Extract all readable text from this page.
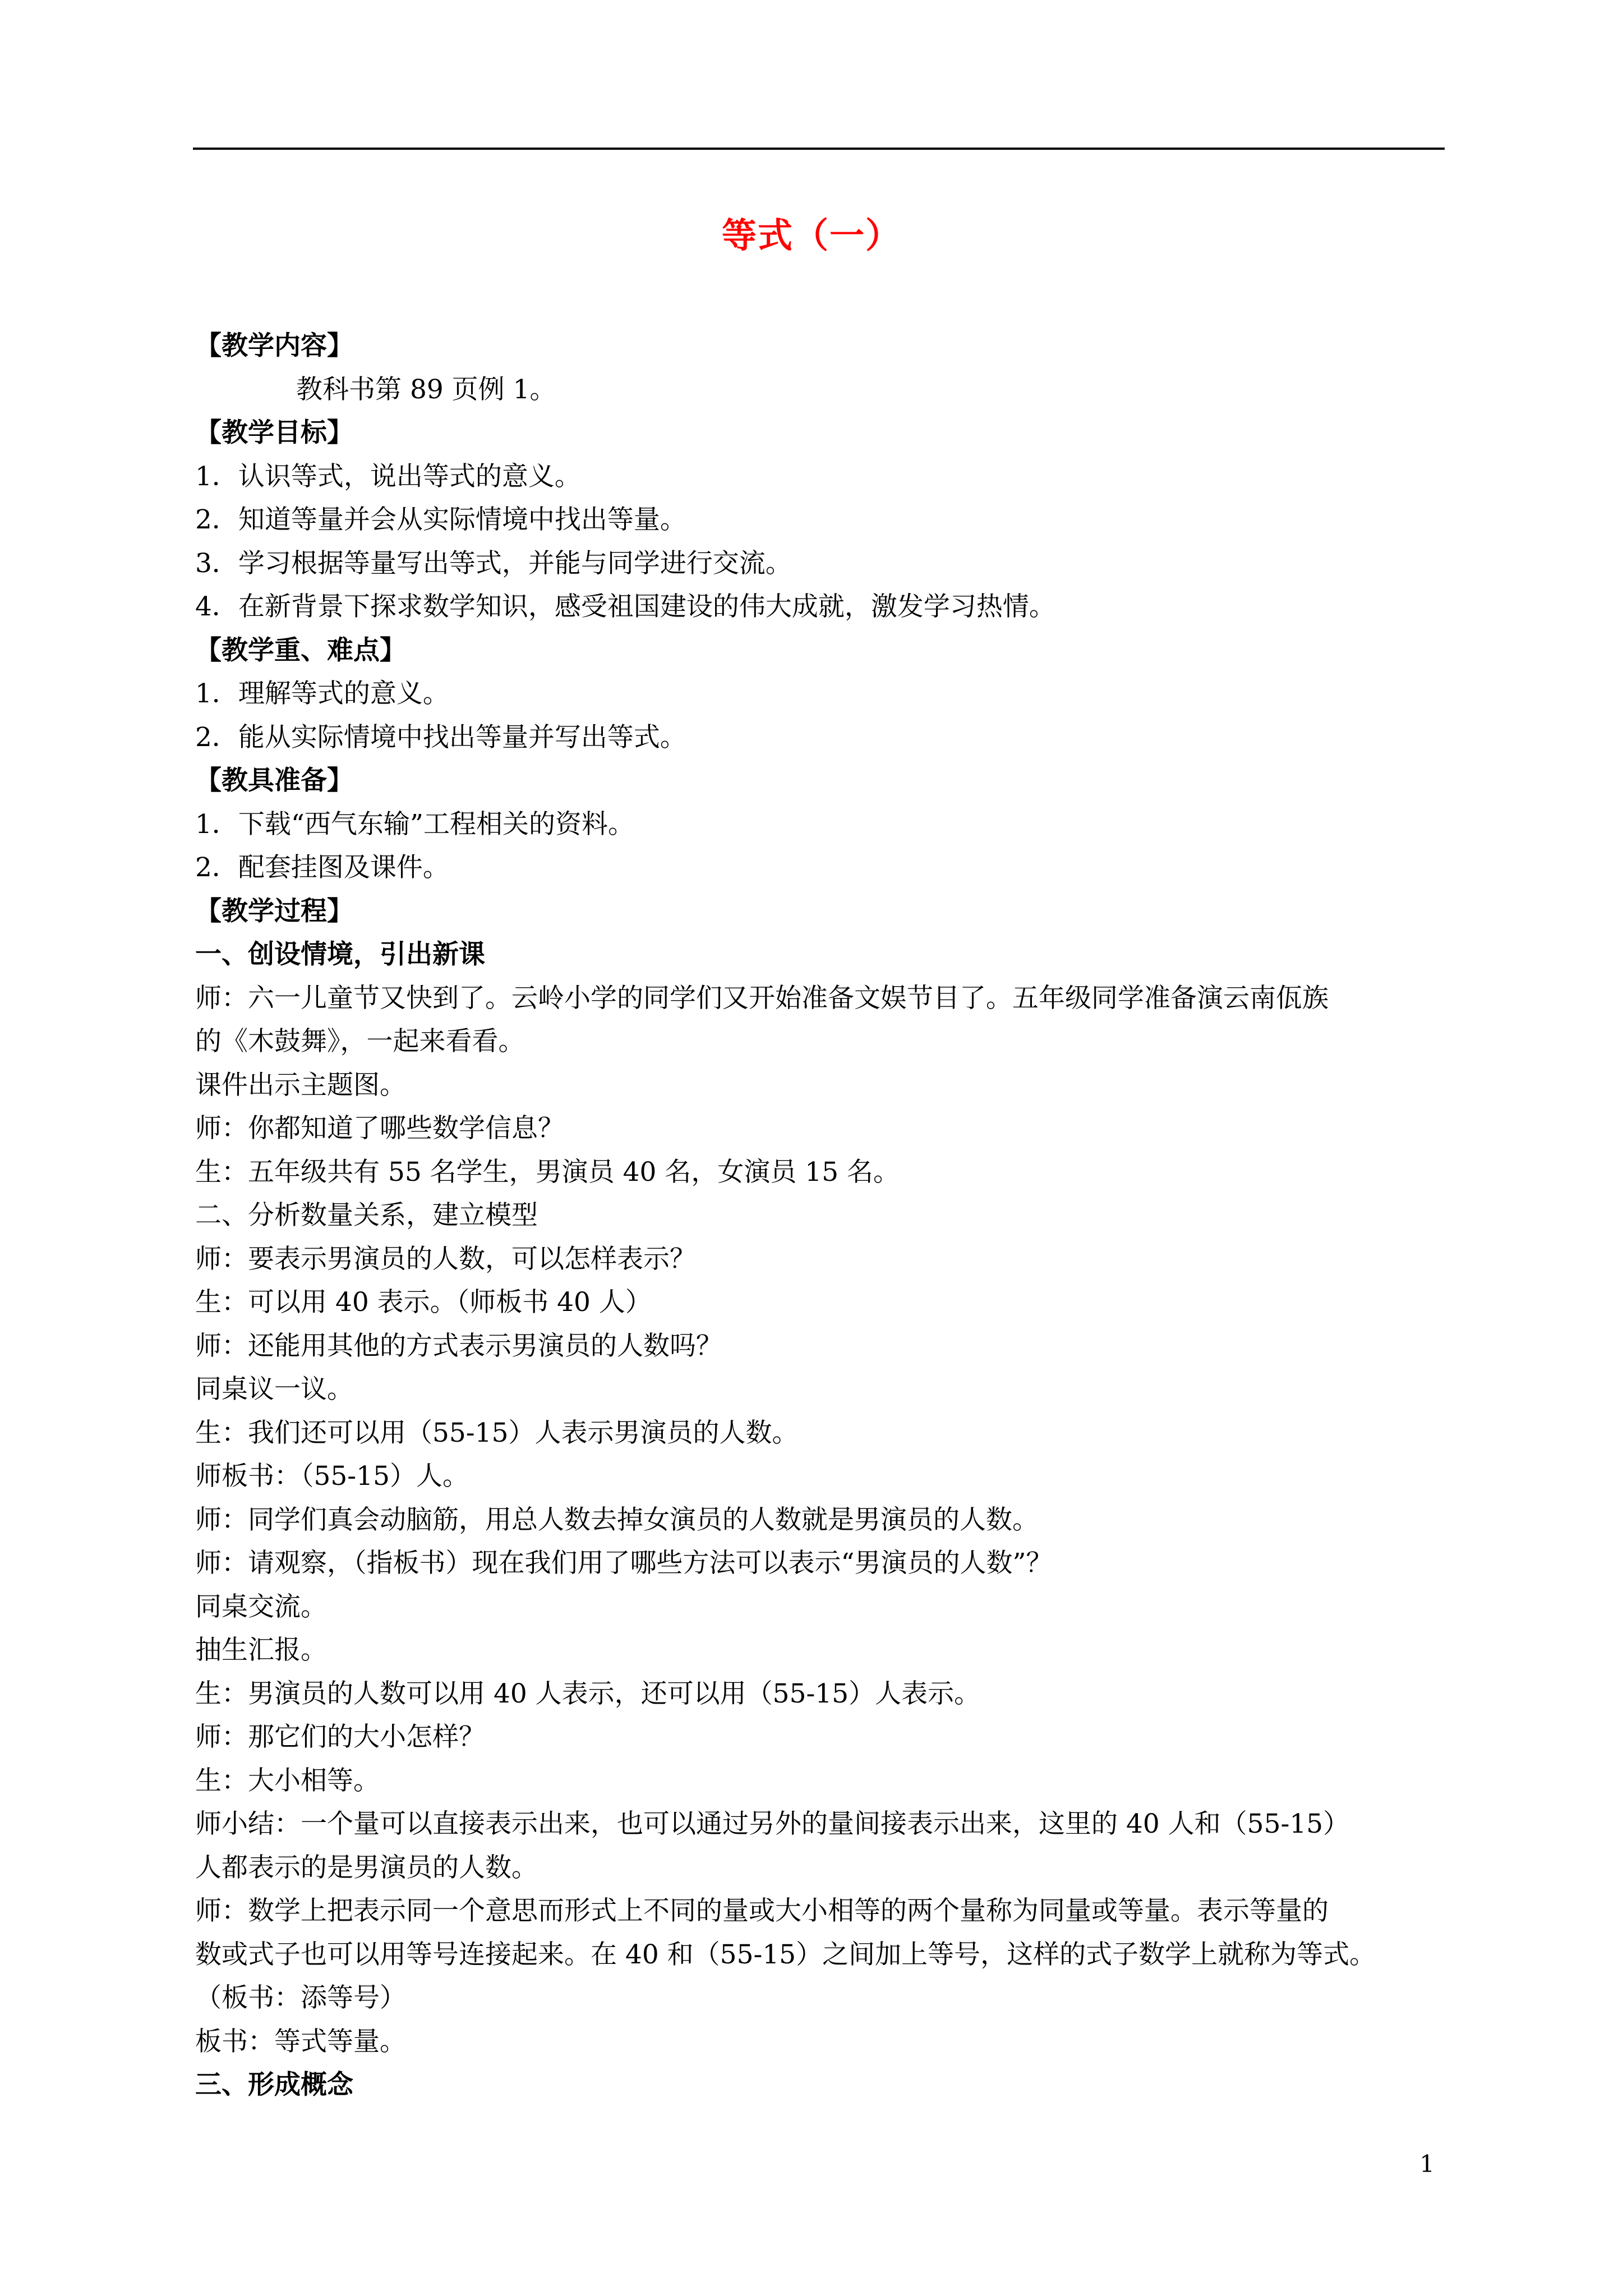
等式（一）
【教学内容】
教科书第 89 页例 1。
【教学目标】
1．认识等式，说出等式的意义。
2．知道等量并会从实际情境中找出等量。
3．学习根据等量写出等式，并能与同学进行交流。
4．在新背景下探求数学知识，感受祖国建设的伟大成就，激发学习热情。
【教学重、难点】
1．理解等式的意义。
2．能从实际情境中找出等量并写出等式。
【教具准备】
1．下载“西气东输”工程相关的资料。
2．配套挂图及课件。
【教学过程】
一、创设情境，引出新课
师：六一儿童节又快到了。云岭小学的同学们又开始准备文娱节目了。五年级同学准备演云南佤族
的《木鼓舞》，一起来看看。
课件出示主题图。
师：你都知道了哪些数学信息？
生：五年级共有 55 名学生，男演员 40 名，女演员 15 名。
二、分析数量关系，建立模型
师：要表示男演员的人数，可以怎样表示？
生：可以用 40 表示。（师板书 40 人）
师：还能用其他的方式表示男演员的人数吗？
同桌议一议。
生：我们还可以用（55-15）人表示男演员的人数。
师板书：（55-15）人。
师：同学们真会动脑筋，用总人数去掉女演员的人数就是男演员的人数。
师：请观察，（指板书）现在我们用了哪些方法可以表示“男演员的人数”？
同桌交流。
抽生汇报。
生：男演员的人数可以用 40 人表示，还可以用（55-15）人表示。
师：那它们的大小怎样？
生：大小相等。
师小结：一个量可以直接表示出来，也可以通过另外的量间接表示出来，这里的 40 人和（55-15）
人都表示的是男演员的人数。
师：数学上把表示同一个意思而形式上不同的量或大小相等的两个量称为同量或等量。表示等量的
数或式子也可以用等号连接起来。在 40 和（55-15）之间加上等号，这样的式子数学上就称为等式。
（板书：添等号）
板书：等式等量。
三、形成概念
1
